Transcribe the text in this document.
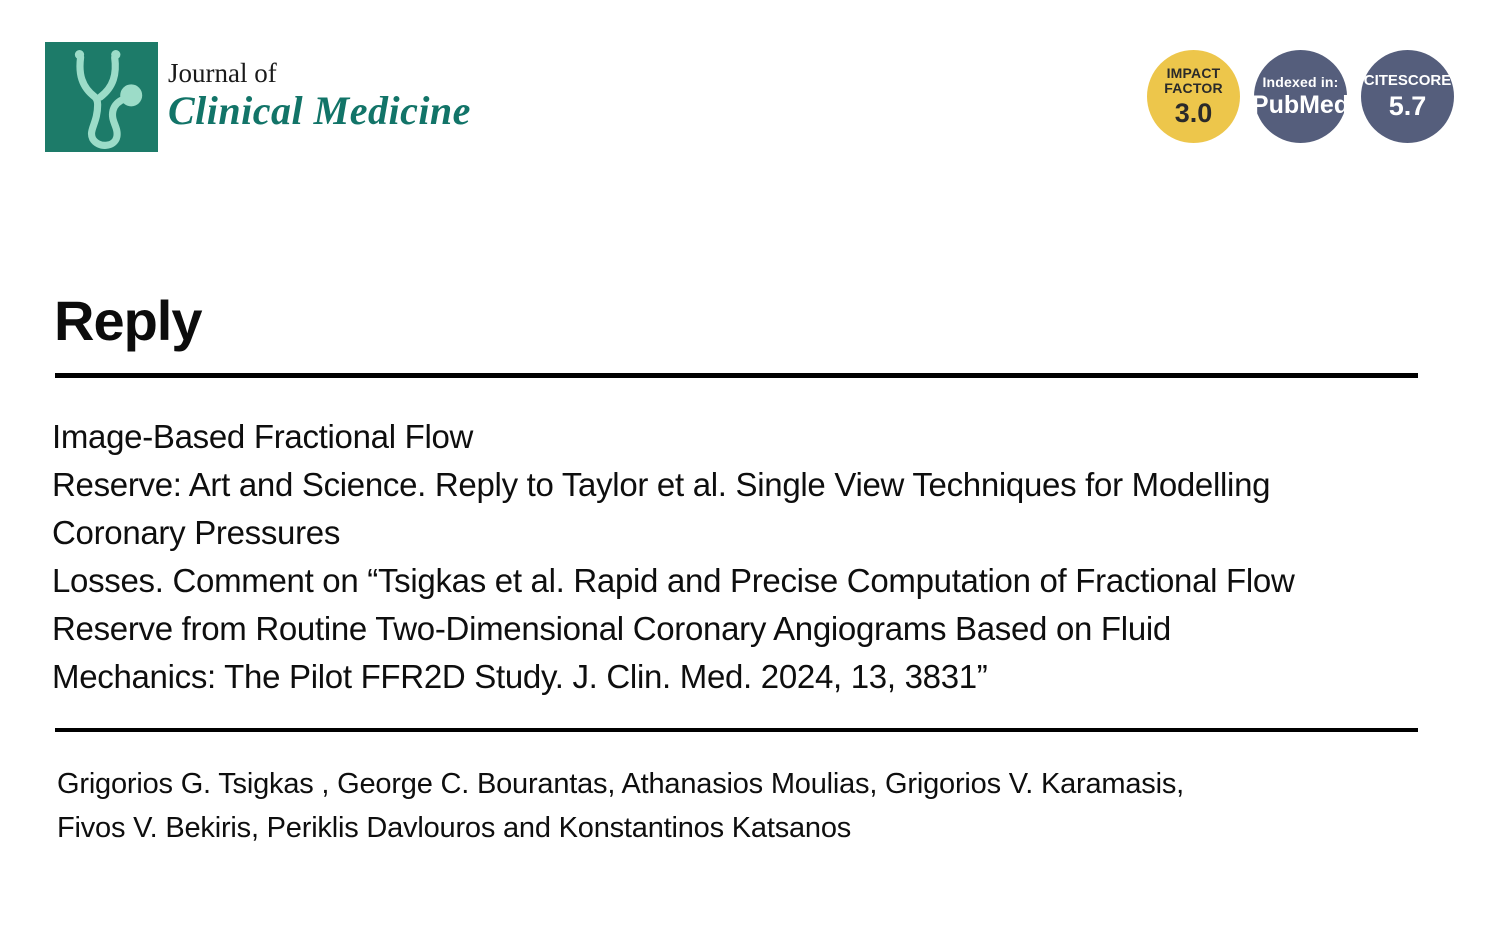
Journal of
Clinical Medicine
IMPACT
FACTOR
3.0
Indexed in:
PubMed
CITESCORE
5.7
Reply
Image-Based Fractional Flow
Reserve: Art and Science. Reply to Taylor et al. Single View Techniques for Modelling
Coronary Pressures
Losses. Comment on “Tsigkas et al. Rapid and Precise Computation of Fractional Flow
Reserve from Routine Two-Dimensional Coronary Angiograms Based on Fluid
Mechanics: The Pilot FFR2D Study. J. Clin. Med. 2024, 13, 3831”
Grigorios G. Tsigkas , George C. Bourantas, Athanasios Moulias, Grigorios V. Karamasis,
Fivos V. Bekiris, Periklis Davlouros and Konstantinos Katsanos
